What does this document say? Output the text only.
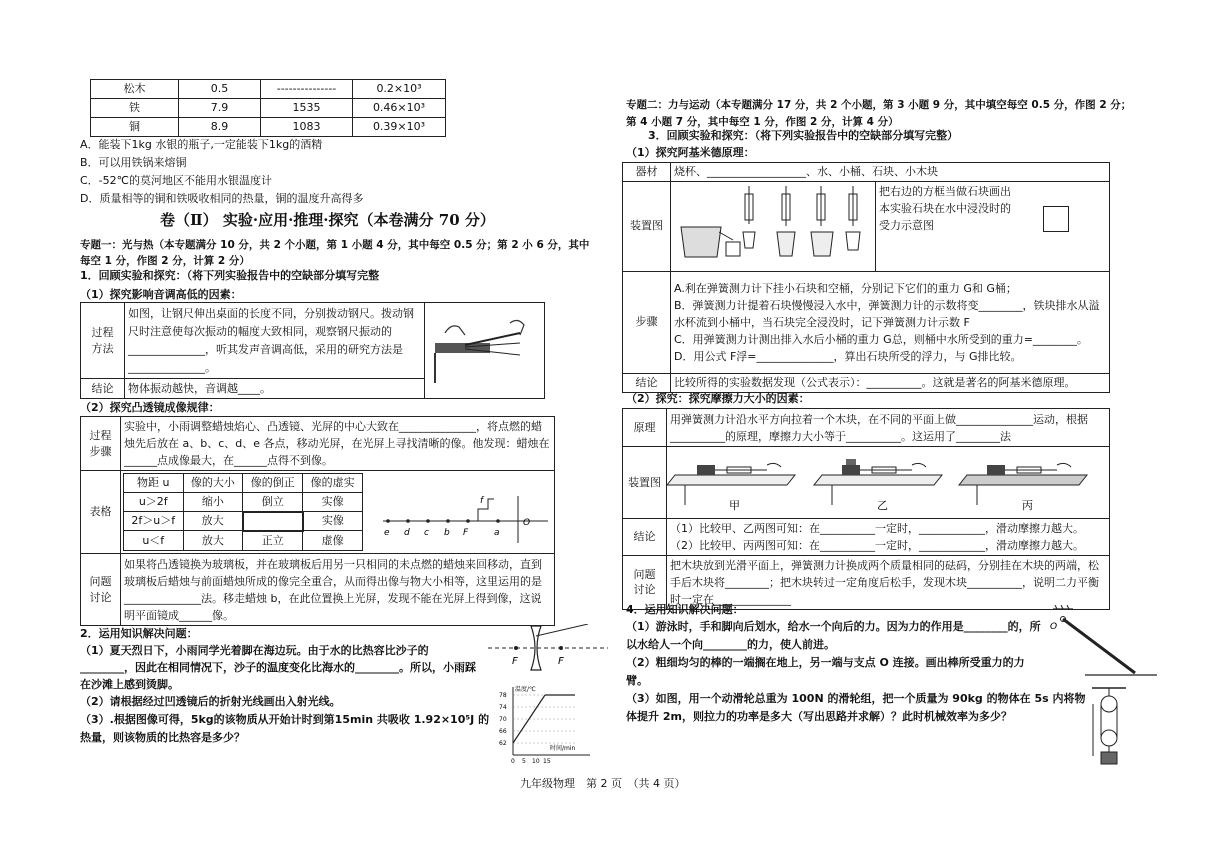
松木	0.5	---------------	0.2×10³
铁	7.9	1535	0.46×10³
铜	8.9	1083	0.39×10³
A．能装下1kg 水银的瓶子,一定能装下1kg的酒精
B．可以用铁锅来熔铜
C．-52℃的莫河地区不能用水银温度计
D．质量相等的铜和铁吸收相同的热量，铜的温度升高得多
卷（Ⅱ） 实验·应用·推理·探究（本卷满分 70 分）
专题一：光与热（本专题满分 10 分，共 2 个小题，第 1 小题 4 分，其中每空 0.5 分；第 2 小 6 分，其中
每空 1 分，作图 2 分，计算 2 分）
1．回顾实验和探究：（将下列实验报告中的空缺部分填写完整
（1）探究影响音调高低的因素：
过程
方法	如图，让钢尺伸出桌面的长度不同，分别拨动钢尺。拨动钢尺时注意使每次振动的幅度大致相同，观察钢尺振动的______________，听其发声音调高低，采用的研究方法是______________。	
结论	物体振动越快，音调越____。	
（2）探究凸透镜成像规律：
过程
步骤	实验中，小雨调整蜡烛焰心、凸透镜、光屏的中心大致在______________，将点燃的蜡烛先后放在 a、b、c、d、e 各点，移动光屏，在光屏上寻找清晰的像。他发现：蜡烛在______点成像最大，在______点得不到像。
表格	
物距 u	像的大小	像的倒正	像的虚实
u＞2f	缩小	倒立	实像
2f＞u＞f	放大		实像
u＜f	放大	正立	虚像
e d c b F	a
O
f

问题
讨论	如果将凸透镜换为玻璃板，并在玻璃板后用另一只相同的未点燃的蜡烛来回移动，直到玻璃板后蜡烛与前面蜡烛所成的像完全重合，从而得出像与物大小相等，这里运用的是______________法。移走蜡烛 b，在此位置换上光屏，发现不能在光屏上得到像，这说明平面镜成______像。
2．运用知识解决问题：
（1）夏天烈日下，小雨同学光着脚在海边玩。由于水的比热容比沙子的________，因此在相同情况下，沙子的温度变化比海水的________。所以，小雨踩在沙滩上感到烫脚。
F	F
（2）请根据经过凹透镜后的折射光线画出入射光线。
（3）.根据图像可得，5kg的该物质从开始计时到第15min 共吸收 1.92×10⁵J 的热量，则该物质的比热容是多少？
温度/℃
时间/min
78
74
70
66
62
0 5 10 15
专题二：力与运动（本专题满分 17 分，共 2 个小题，第 3 小题 9 分，其中填空每空 0.5 分，作图 2 分；
第 4 小题 7 分，其中每空 1 分，作图 2 分，计算 4 分）
3．回顾实验和探究：（将下列实验报告中的空缺部分填写完整）
（1）探究阿基米德原理：
器材	烧杯、__________________、水、小桶、石块、小木块	
装置图		把右边的方框当做石块画出本实验石块在水中浸没时的受力示意图

步骤	A.利在弹簧测力计下挂小石块和空桶，分别记下它们的重力 G和 G桶；
B．弹簧测力计提着石块慢慢浸入水中，弹簧测力计的示数将变________，铁块排水从溢水杯流到小桶中，当石块完全浸没时，记下弹簧测力计示数 F
C．用弹簧测力计测出排入水后小桶的重力 G总，则桶中水所受到的重力=________。
D．用公式 F浮=______________，算出石块所受的浮力，与 G排比较。	

结论	比较所得的实验数据发现（公式表示）：__________。这就是著名的阿基米德原理。	
（2）探究：探究摩擦力大小的因素：
原理	用弹簧测力计沿水平方向拉着一个木块，在不同的平面上做______________运动，根据__________的原理，摩擦力大小等于__________。这运用了________法
装置图	甲 乙 丙

结论	（1）比较甲、乙两图可知：在__________一定时，____________，滑动摩擦力越大。
（2）比较甲、丙两图可知：在__________一定时，____________，滑动摩擦力越大。

问题
讨论	把木块放到光滑平面上，弹簧测力计换成两个质量相同的砝码，分别挂在木块的两端，松手后木块将________；把木块转过一定角度后松手，发现木块__________，说明二力平衡时一定在______________
4．运用知识解决问题：
（1）游泳时，手和脚向后划水，给水一个向后的力。因为力的作用是________的，所以水给人一个向________的力，使人前进。
（2）粗细均匀的棒的一端搁在地上，另一端与支点 O 连接。画出棒所受重力的力臂。
（3）如图，用一个动滑轮总重为 100N 的滑轮组，把一个质量为 90kg 的物体在 5s 内将物体提升 2m，则拉力的功率是多大（写出思路并求解）？此时机械效率为多少？
O
九年级物理　第 2 页　（共 4 页）
